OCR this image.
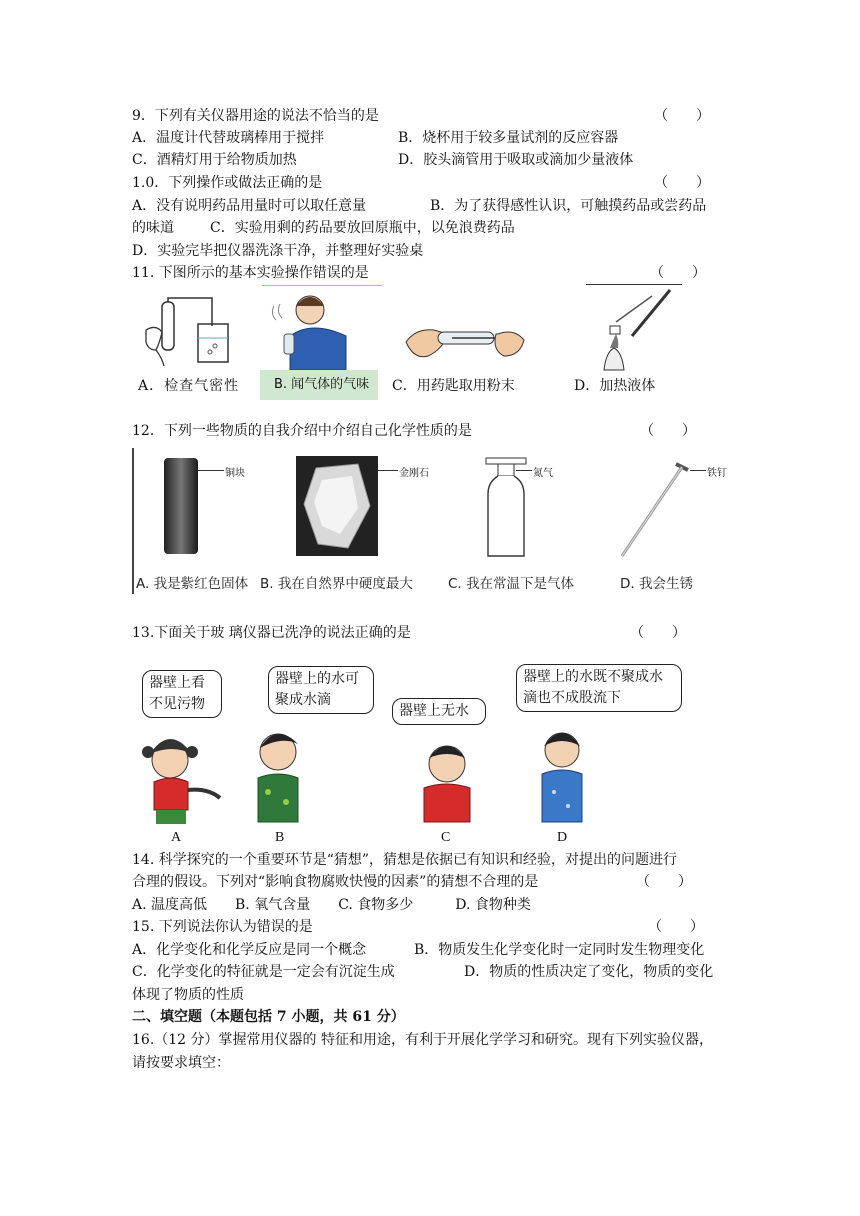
9．下列有关仪器用途的说法不恰当的是	（　　）
A．温度计代替玻璃棒用于搅拌	B．烧杯用于较多量试剂的反应容器
C．酒精灯用于给物质加热	D．胶头滴管用于吸取或滴加少量液体
1.0．下列操作或做法正确的是	（　　）
A．没有说明药品用量时可以取任意量	B．为了获得感性认识，可触摸药品或尝药品
的味道	C．实验用剩的药品要放回原瓶中，以免浪费药品
D．实验完毕把仪器洗涤干净，并整理好实验桌
11. 下图所示的基本实验操作错误的是	（　　）
B. 闻气体的气味
A．检查气密性	C．用药匙取用粉末	D．加热液体
12．下列一些物质的自我介绍中介绍自己化学性质的是	（　　）
铜块	金刚石	氮气	铁钉
A. 我是紫红色固体 B. 我在自然界中硬度最大	C. 我在常温下是气体	D. 我会生锈
13.下面关于玻 璃仪器已洗净的说法正确的是	（　　）
器壁上看不见污物
器壁上的水可聚成水滴
器壁上无水
器壁上的水既不聚成水滴也不成股流下
A	B	C	D
14. 科学探究的一个重要环节是“猜想”，猜想是依据已有知识和经验，对提出的问题进行
合理的假设。下列对“影响食物腐败快慢的因素”的猜想不合理的是	（　　）
A. 温度高低　　B. 氧气含量　　C. 食物多少　　　D. 食物种类
15. 下列说法你认为错误的是	（　　）
A．化学变化和化学反应是同一个概念	B．物质发生化学变化时一定同时发生物理变化
C．化学变化的特征就是一定会有沉淀生成	D．物质的性质决定了变化，物质的变化
体现了物质的性质
二、填空题（本题包括 7 小题，共 61 分）
16.（12 分）掌握常用仪器的 特征和用途，有利于开展化学学习和研究。现有下列实验仪器，
请按要求填空：
